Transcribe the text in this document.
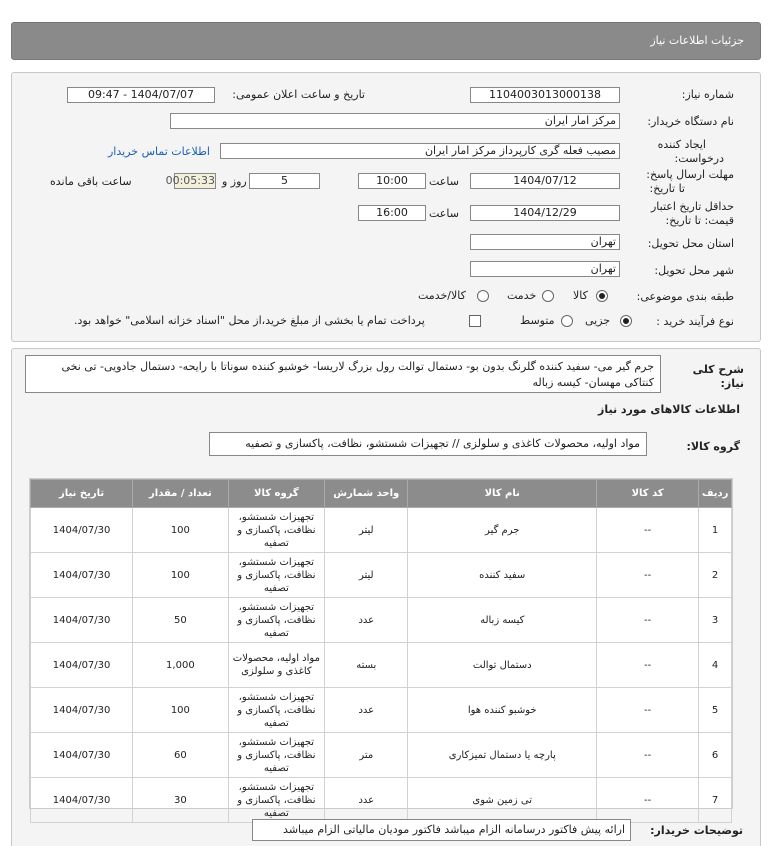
جزئیات اطلاعات نیاز
شماره نیاز:
1104003013000138
تاریخ و ساعت اعلان عمومی:
1404/07/07 - 09:47
نام دستگاه خریدار:
مرکز امار ایران
ایجاد کننده
درخواست:
مصیب فعله گری کارپرداز مرکز امار ایران
اطلاعات تماس خریدار
مهلت ارسال پاسخ:
تا تاریخ:
1404/07/12
ساعت
10:00
5
روز و
00:05:33
ساعت باقی مانده
حداقل تاریخ اعتبار
قیمت: تا تاریخ:
1404/12/29
ساعت
16:00
استان محل تحویل:
تهران
شهر محل تحویل:
تهران
طبقه بندی موضوعی:
کالا
خدمت
کالا/خدمت
نوع فرآیند خرید :
جزیی
متوسط
پرداخت تمام یا بخشی از مبلغ خرید،از محل "اسناد خزانه اسلامی" خواهد بود.
شرح کلی
نیاز:
جرم گیر می- سفید کننده گلرنگ بدون بو- دستمال توالت رول بزرگ لاریسا- خوشبو کننده سوناتا با رایحه- دستمال جادویی- تی نخی کنتاکی مهسان- کیسه زباله
اطلاعات کالاهای مورد نیاز
گروه کالا:
مواد اولیه، محصولات کاغذی و سلولزی // تجهیزات شستشو، نظافت، پاکسازی و تصفیه
ردیف	کد کالا	نام کالا	واحد شمارش	گروه کالا	تعداد / مقدار	تاریخ نیاز
1	--	جرم گیر	لیتر	تجهیزات شستشو، نظافت، پاکسازی و تصفیه	100	1404/07/30
2	--	سفید کننده	لیتر	تجهیزات شستشو، نظافت، پاکسازی و تصفیه	100	1404/07/30
3	--	کیسه زباله	عدد	تجهیزات شستشو، نظافت، پاکسازی و تصفیه	50	1404/07/30
4	--	دستمال توالت	بسته	مواد اولیه، محصولات کاغذی و سلولزی	1,000	1404/07/30
5	--	خوشبو کننده هوا	عدد	تجهیزات شستشو، نظافت، پاکسازی و تصفیه	100	1404/07/30
6	--	پارچه یا دستمال تمیزکاری	متر	تجهیزات شستشو، نظافت، پاکسازی و تصفیه	60	1404/07/30
7	--	تی زمین شوی	عدد	تجهیزات شستشو، نظافت، پاکسازی و تصفیه	30	1404/07/30
توضیحات خریدار:
ارائه پیش فاکتور درسامانه الزام میباشد فاکتور مودیان مالیاتی الزام میباشد
